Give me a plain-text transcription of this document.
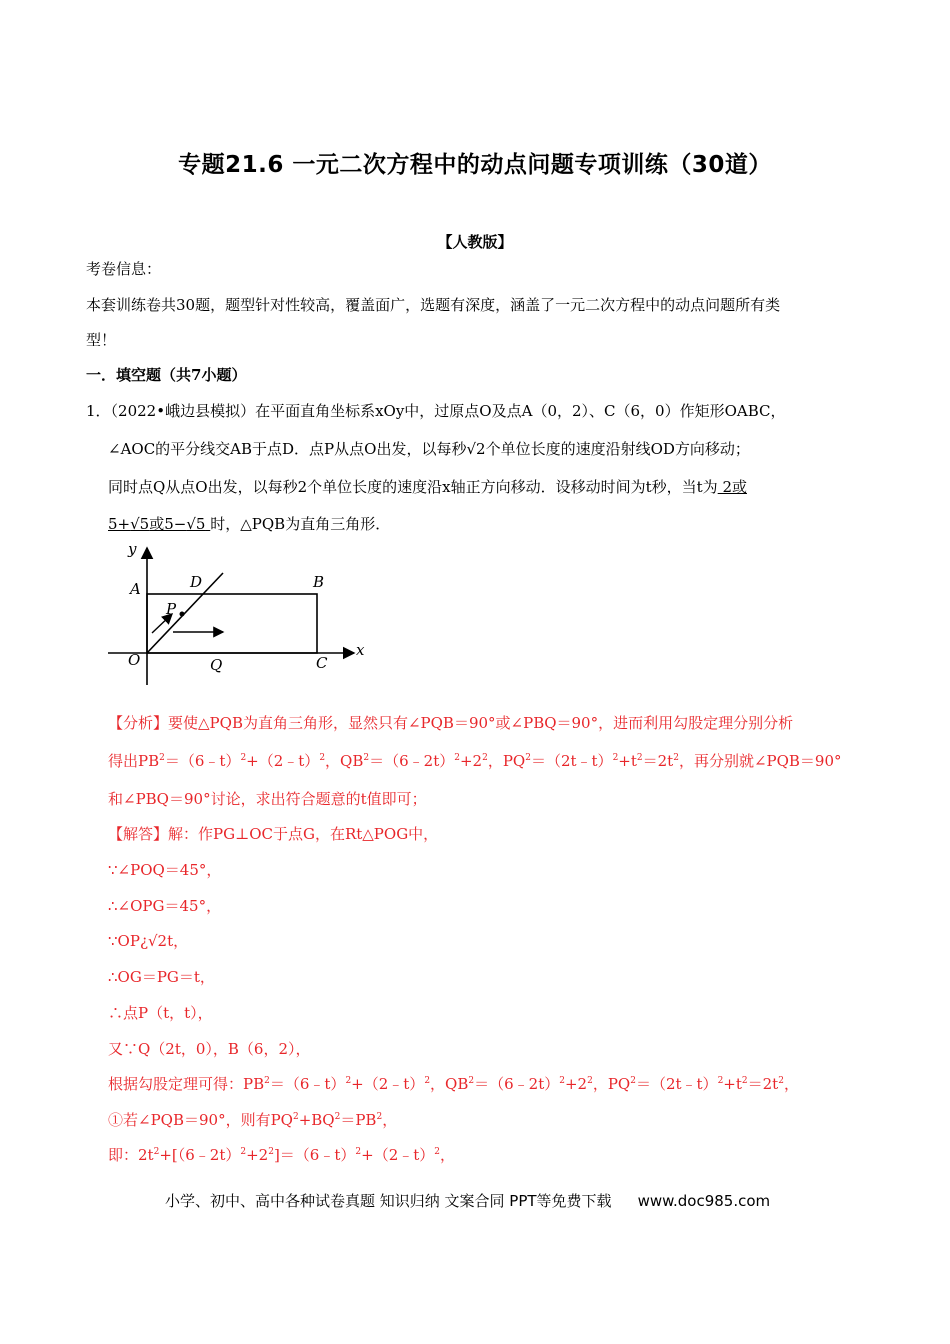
专题21.6 一元二次方程中的动点问题专项训练（30道）
【人教版】
考卷信息：
本套训练卷共30题，题型针对性较高，覆盖面广，选题有深度，涵盖了一元二次方程中的动点问题所有类
型！
一．填空题（共7小题）
1．（2022•峨边县模拟）在平面直角坐标系xOy中，过原点O及点A（0，2）、C（6，0）作矩形OABC，
∠AOC的平分线交AB于点D．点P从点O出发，以每秒√2个单位长度的速度沿射线OD方向移动；
同时点Q从点O出发，以每秒2个单位长度的速度沿x轴正方向移动．设移动时间为t秒，当t为 2或
5+√5或5−√5 时，△PQB为直角三角形．
y
x
A	B
C
D
O
P
Q
【分析】要使△PQB为直角三角形，显然只有∠PQB＝90°或∠PBQ＝90°，进而利用勾股定理分别分析
得出$PB^2=(6﹣t)^2+(2﹣t)^2$，$QB^2=(6﹣2t)^2+2^2$，$PQ^2=(2t﹣t)^2+t^2=2t^2$，再分别就∠PQB＝90°
和∠PBQ＝90°讨论，求出符合题意的t值即可；
【解答】解：作PG⊥OC于点G，在Rt△POG中，
∵∠POQ＝45°，
∴∠OPG＝45°，
∵OP¿√2t，
∴OG＝PG＝t，
∴点P（t，t），
又∵Q（2t，0），B（6，2），
根据勾股定理可得：$PB^2=(6﹣t)^2+(2﹣t)^2$，$QB^2=(6﹣2t)^2+2^2$，$PQ^2=(2t﹣t)^2+t^2=2t^2$，
①若∠PQB＝90°，则有$PQ^2+BQ^2=PB^2$，
即：$2t^2+[(6﹣2t)^2+2^2]=(6﹣t)^2+(2﹣t)^2$，
小学、初中、高中各种试卷真题 知识归纳 文案合同 PPT等免费下载 www.doc985.com
